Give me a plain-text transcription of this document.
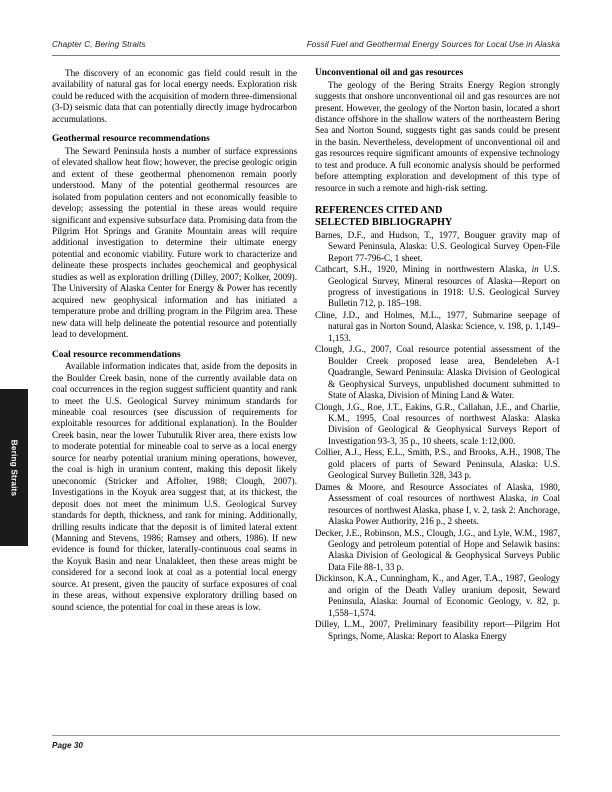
Chapter C, Bering Straits	Fossil Fuel and Geothermal Energy Sources for Local Use in Alaska

The discovery of an economic gas field could result in the availability of natural gas for local energy needs. Exploration risk could be reduced with the acquisition of modern three-dimensional (3-D) seismic data that can potentially directly image hydrocarbon accumulations.

Geothermal resource recommendations

The Seward Peninsula hosts a number of surface expressions of elevated shallow heat flow; however, the precise geologic origin and extent of these geothermal phenomenon remain poorly understood. Many of the potential geothermal resources are isolated from population centers and not economically feasible to develop; assessing the potential in these areas would require significant and expensive subsurface data. Promising data from the Pilgrim Hot Springs and Granite Mountain areas will require additional investigation to determine their ultimate energy potential and economic viability. Future work to characterize and delineate these prospects includes geochemical and geophysical studies as well as exploration drilling (Dilley, 2007; Kolker, 2009). The University of Alaska Center for Energy & Power has recently acquired new geophysical information and has initiated a temperature probe and drilling program in the Pilgrim area. These new data will help delineate the potential resource and potentially lead to development.

Coal resource recommendations

Available information indicates that, aside from the deposits in the Boulder Creek basin, none of the currently available data on coal occurrences in the region suggest sufficient quantity and rank to meet the U.S. Geological Survey minimum standards for mineable coal resources (see discussion of requirements for exploitable resources for additional explanation). In the Boulder Creek basin, near the lower Tubutulik River area, there exists low to moderate potential for mineable coal to serve as a local energy source for nearby potential uranium mining operations, however, the coal is high in uranium content, making this deposit likely uneconomic (Stricker and Affolter, 1988; Clough, 2007). Investigations in the Koyuk area suggest that, at its thickest, the deposit does not meet the minimum U.S. Geological Survey standards for depth, thickness, and rank for mining. Additionally, drilling results indicate that the deposit is of limited lateral extent (Manning and Stevens, 1986; Ramsey and others, 1986). If new evidence is found for thicker, laterally-continuous coal seams in the Koyuk Basin and near Unalakleet, then these areas might be considered for a second look at coal as a potential local energy source. At present, given the paucity of surface exposures of coal in these areas, without expensive exploratory drilling based on sound science, the potential for coal in these areas is low.

Unconventional oil and gas resources

The geology of the Bering Straits Energy Region strongly suggests that onshore unconventional oil and gas resources are not present. However, the geology of the Norton basin, located a short distance offshore in the shallow waters of the northeastern Bering Sea and Norton Sound, suggests tight gas sands could be present in the basin. Nevertheless, development of unconventional oil and gas resources require significant amounts of expensive technology to test and produce. A full economic analysis should be performed before attempting exploration and development of this type of resource in such a remote and high-risk setting.

REFERENCES CITED AND
SELECTED BIBLIOGRAPHY

Barnes, D.F., and Hudson, T., 1977, Bouguer gravity map of Seward Peninsula, Alaska: U.S. Geological Survey Open-File Report 77-796-C, 1 sheet.

Cathcart, S.H., 1920, Mining in northwestern Alaska, in U.S. Geological Survey, Mineral resources of Alaska—Report on progress of investigations in 1918: U.S. Geological Survey Bulletin 712, p. 185–198.

Cline, J.D., and Holmes, M.L., 1977, Submarine seepage of natural gas in Norton Sound, Alaska: Science, v. 198, p. 1,149–1,153.

Clough, J.G., 2007, Coal resource potential assessment of the Boulder Creek proposed lease area, Bendeleben A-1 Quadrangle, Seward Peninsula: Alaska Division of Geological & Geophysical Surveys, unpublished document submitted to State of Alaska, Division of Mining Land & Water.

Clough, J.G., Roe, J.T., Eakins, G.R., Callahan, J.E., and Charlie, K.M., 1995, Coal resources of northwest Alaska: Alaska Division of Geological & Geophysical Surveys Report of Investigation 93-3, 35 p., 10 sheets, scale 1:12,000.

Collier, A.J., Hess, E.L., Smith, P.S., and Brooks, A.H., 1908, The gold placers of parts of Seward Peninsula, Alaska: U.S. Geological Survey Bulletin 328, 343 p.

Dames & Moore, and Resource Associates of Alaska, 1980, Assessment of coal resources of northwest Alaska, in Coal resources of northwest Alaska, phase I, v. 2, task 2: Anchorage, Alaska Power Authority, 216 p., 2 sheets.

Decker, J.E., Robinson, M.S., Clough, J.G., and Lyle, W.M., 1987, Geology and petroleum potential of Hope and Selawik basins: Alaska Division of Geological & Geophysical Surveys Public Data File 88-1, 33 p.

Dickinson, K.A., Cunningham, K., and Ager, T.A., 1987, Geology and origin of the Death Valley uranium deposit, Seward Peninsula, Alaska: Journal of Economic Geology, v. 82, p. 1,558–1,574.

Dilley, L.M., 2007, Preliminary feasibility report—Pilgrim Hot Springs, Nome, Alaska: Report to Alaska Energy

Bering Straits
Page 30
